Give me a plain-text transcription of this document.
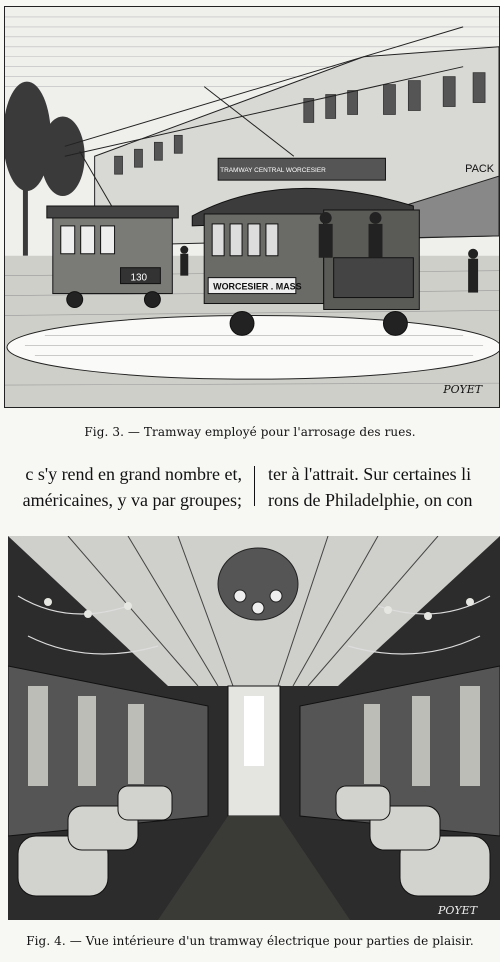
PACK
130
TRAMWAY CENTRAL WORCESIER
WORCESIER . MASS
POYET
Fig. 3. — Tramway employé pour l'arrosage des rues.
c s'y rend en grand nombre et,
américaines, y va par groupes;
ter à l'attrait. Sur certaines li
rons de Philadelphie, on con
POYET
Fig. 4. — Vue intérieure d'un tramway électrique pour parties de plaisir.
